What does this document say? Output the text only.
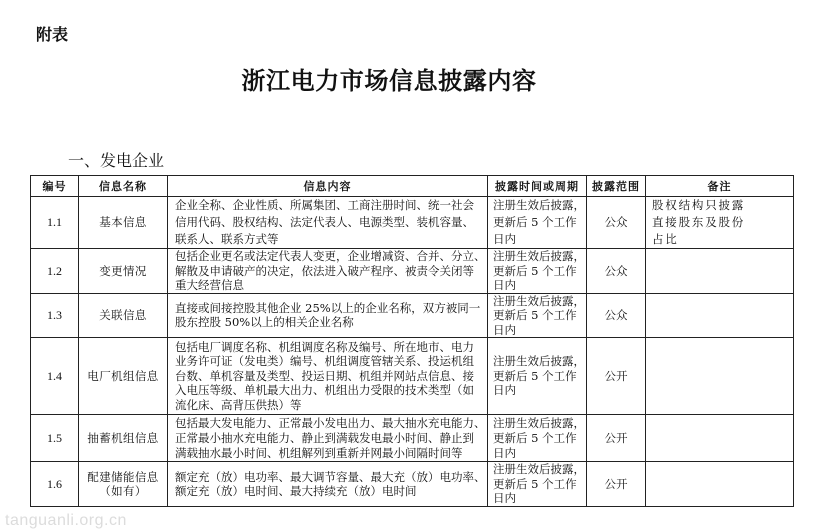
附表
浙江电力市场信息披露内容
一、发电企业
编号	信息名称	信息内容	披露时间或周期	披露范围	备注

1.1	基本信息	企业全称、企业性质、所属集团、工商注册时间、统一社会
信用代码、股权结构、法定代表人、电源类型、装机容量、
联系人、联系方式等	注册生效后披露，
更新后 5 个工作
日内	公众	股权结构只披露
直接股东及股份
占比

1.2	变更情况	包括企业更名或法定代表人变更，企业增减资、合并、分立、
解散及申请破产的决定，依法进入破产程序、被责令关闭等
重大经营信息	注册生效后披露，
更新后 5 个工作
日内	公众	

1.3	关联信息	直接或间接控股其他企业 25%以上的企业名称，双方被同一
股东控股 50%以上的相关企业名称	注册生效后披露，
更新后 5 个工作
日内	公众	

1.4	电厂机组信息	包括电厂调度名称、机组调度名称及编号、所在地市、电力
业务许可证（发电类）编号、机组调度管辖关系、投运机组
台数、单机容量及类型、投运日期、机组并网站点信息、接
入电压等级、单机最大出力、机组出力受限的技术类型（如
流化床、高背压供热）等	注册生效后披露，
更新后 5 个工作
日内	公开	

1.5	抽蓄机组信息	包括最大发电能力、正常最小发电出力、最大抽水充电能力、
正常最小抽水充电能力、静止到满载发电最小时间、静止到
满载抽水最小时间、机组解列到重新并网最小间隔时间等	注册生效后披露，
更新后 5 个工作
日内	公开	

1.6	配建储能信息
（如有）	额定充（放）电功率、最大调节容量、最大充（放）电功率、
额定充（放）电时间、最大持续充（放）电时间	注册生效后披露，
更新后 5 个工作
日内	公开	

tanguanli.org.cn
